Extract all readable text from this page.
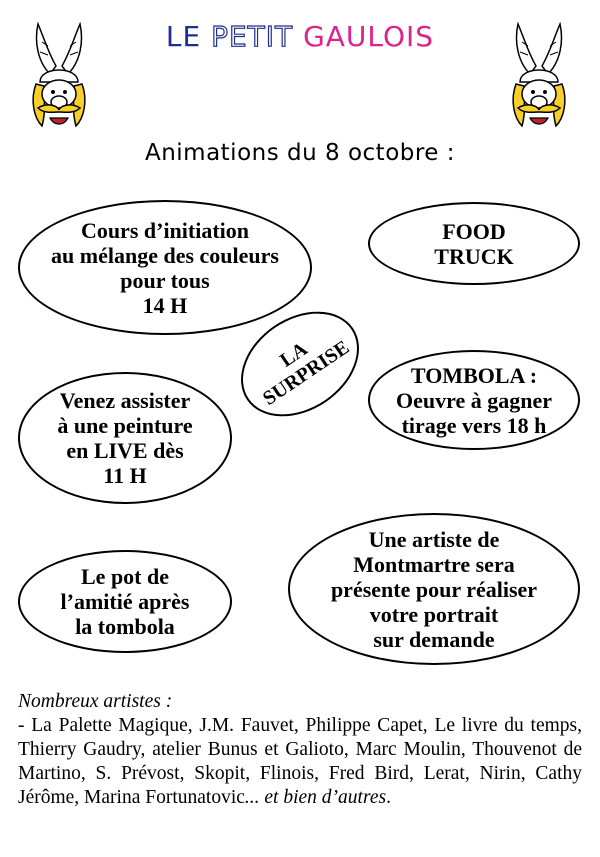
LE PETIT GAULOIS
Animations du 8 octobre :
Cours d’initiation
au mélange des couleurs
pour tous
14 H
FOOD
TRUCK
LA
SURPRISE	TOMBOLA :
Oeuvre à gagner
tirage vers 18 h
Venez assister
à une peinture
en LIVE dès
11 H
Le pot de
l’amitié après
la tombola
Une artiste de
Montmartre sera
présente pour réaliser
votre portrait
sur demande
Nombreux artistes :
- La Palette Magique, J.M. Fauvet, Philippe Capet, Le livre du temps, Thierry Gaudry, atelier Bunus et Galioto, Marc Moulin, Thouvenot de Martino, S. Prévost, Skopit, Flinois, Fred Bird, Lerat, Nirin, Cathy Jérôme, Marina Fortunatovic... et bien d’autres.
